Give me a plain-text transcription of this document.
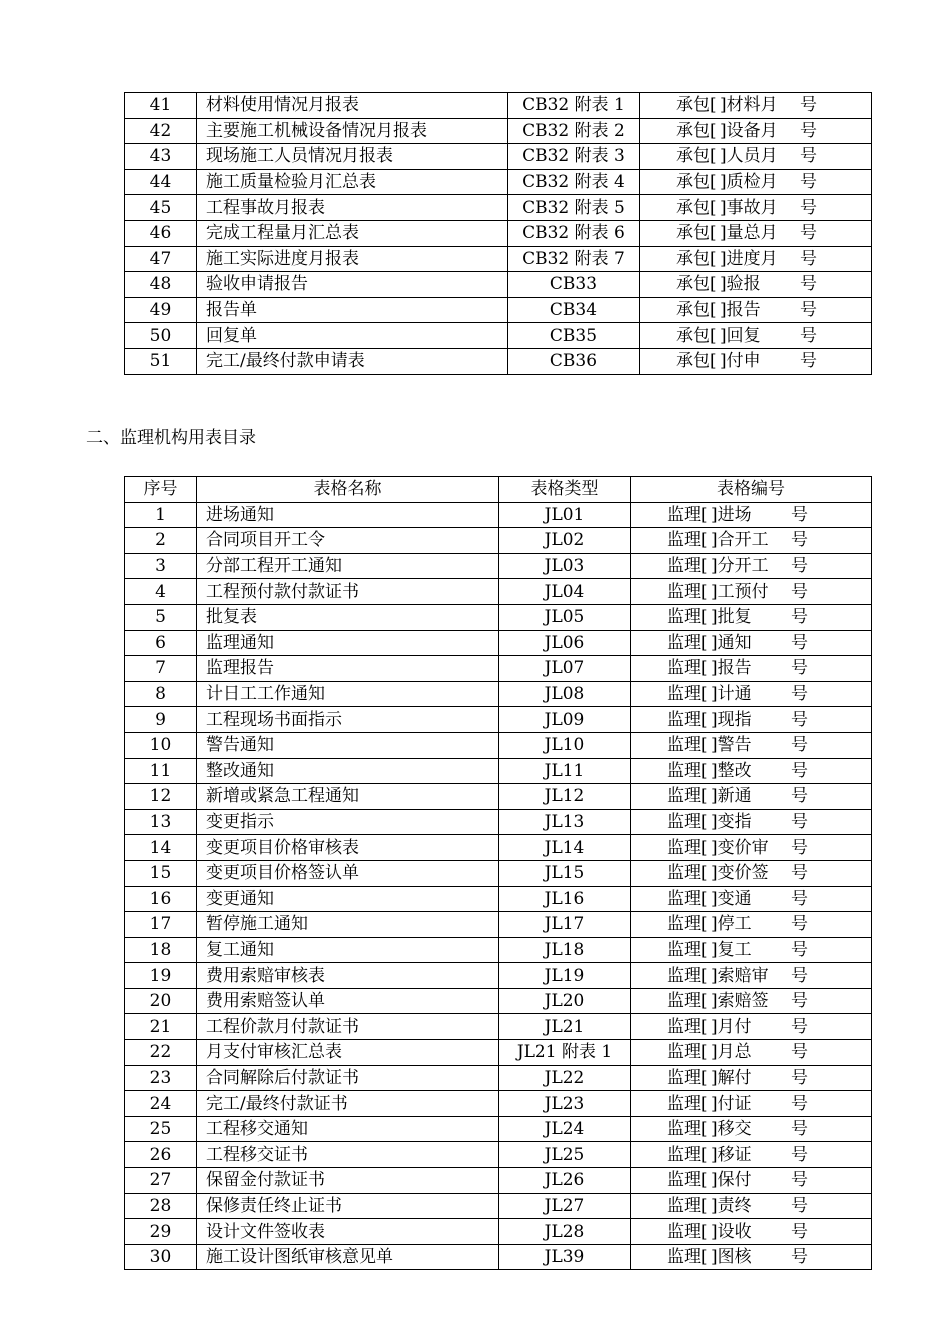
41	材料使用情况月报表	CB32 附表 1	承包[ ]材料月 号

42	主要施工机械设备情况月报表	CB32 附表 2	承包[ ]设备月 号

43	现场施工人员情况月报表	CB32 附表 3	承包[ ]人员月 号

44	施工质量检验月汇总表	CB32 附表 4	承包[ ]质检月 号

45	工程事故月报表	CB32 附表 5	承包[ ]事故月 号

46	完成工程量月汇总表	CB32 附表 6	承包[ ]量总月 号

47	施工实际进度月报表	CB32 附表 7	承包[ ]进度月 号

48	验收申请报告	CB33	承包[ ]验报 号

49	报告单	CB34	承包[ ]报告 号

50	回复单	CB35	承包[ ]回复 号

51	完工/最终付款申请表	CB36	承包[ ]付申 号
二、监理机构用表目录
序号	表格名称	表格类型	表格编号
1	进场通知	JL01	监理[ ]进场 号

2	合同项目开工令	JL02	监理[ ]合开工 号

3	分部工程开工通知	JL03	监理[ ]分开工 号

4	工程预付款付款证书	JL04	监理[ ]工预付 号

5	批复表	JL05	监理[ ]批复 号

6	监理通知	JL06	监理[ ]通知 号

7	监理报告	JL07	监理[ ]报告 号

8	计日工工作通知	JL08	监理[ ]计通 号

9	工程现场书面指示	JL09	监理[ ]现指 号

10	警告通知	JL10	监理[ ]警告 号

11	整改通知	JL11	监理[ ]整改 号

12	新增或紧急工程通知	JL12	监理[ ]新通 号

13	变更指示	JL13	监理[ ]变指 号

14	变更项目价格审核表	JL14	监理[ ]变价审 号

15	变更项目价格签认单	JL15	监理[ ]变价签 号

16	变更通知	JL16	监理[ ]变通 号

17	暂停施工通知	JL17	监理[ ]停工 号

18	复工通知	JL18	监理[ ]复工 号

19	费用索赔审核表	JL19	监理[ ]索赔审 号

20	费用索赔签认单	JL20	监理[ ]索赔签 号

21	工程价款月付款证书	JL21	监理[ ]月付 号

22	月支付审核汇总表	JL21 附表 1	监理[ ]月总 号

23	合同解除后付款证书	JL22	监理[ ]解付 号

24	完工/最终付款证书	JL23	监理[ ]付证 号

25	工程移交通知	JL24	监理[ ]移交 号

26	工程移交证书	JL25	监理[ ]移证 号

27	保留金付款证书	JL26	监理[ ]保付 号

28	保修责任终止证书	JL27	监理[ ]责终 号

29	设计文件签收表	JL28	监理[ ]设收 号

30	施工设计图纸审核意见单	JL39	监理[ ]图核 号
